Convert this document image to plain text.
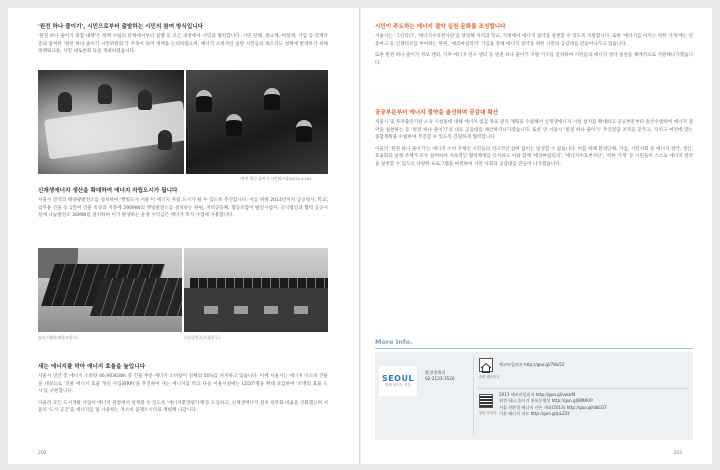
'원전 하나 줄이기', 시민으로부터 출발하는 시민의 참여 방식입니다
'원전 하나 줄이기 종합 대책'은 정책 수립의 단계에서부터 실행 등 모든 과정에서 시민과 협력합니다. 시민 단체, 종교계, 여성계, 기업 등 각계각층의 참여한 '원전 하나 줄이기 시민위원회'가 주축이 되어 정책을 논의하였으며, 에너지 소비자인 일반 시민들의 목소리도 정책에 반영하기 위해 정책워크숍, 시민 대토론회 등을 개최하였습니다.
'원전 하나 줄이기 시민워크샵(2012.4.16)'
신재생에너지 생산을 확대하여 에너지 자립도시가 됩니다
서울시 전역의 태양광발전소를 설치하여 '햇빛도시 서울'이 에너지 자립 도시가 될 수 있도록 추진합니다. 이를 위해 2014년까지 공공청사, 학교, 업무용 건물 등 1만여 건물 옥상과 지붕에 290MW의 햇빛발전소를 설치하는 한편, 지역공동체, 협동조합이 발전사업자, 공익법인과 협력 공공시설에 나눔발전소 30MW를 설치하여 이기 발생하는 운영 수익금은 에너지 복지 사업에 사용합니다.
솔라스퀘어(배종조합로)	나눔발전소(동대문구)
새는 에너지를 막아 에너지 효율을 높입니다
서울시 연간 총 에너지 소비량 46,903GWh 중 건물 부문 에너지 소비량이 전체의 56%를 차지하고 있습니다. 이에 서울시는 에너지 다소비 건물을 대상으로 '건물 에너지 효율 개선 사업(BRP)'을 추진하여 새는 에너지를 막고 다중 이용시설에는 LED조명을 확대 보급하여 '조명의 효율 도시'를 구현합니다.
아울러 모든 도시개발 사업이 에너지 관점에서 설계될 수 있도록 '에너지환경평가제'를 도입하고, 신재생에너지 설치 의무화 비율을 강화했으며 서울의 '도시 공간'을 에너지를 덜 사용하는 저소비 콤팩트시티로 재편해 나갑니다.
202
시민이 주도하는 에너지 절약 실천 문화를 조성합니다
서울시는 '그린리더', '에너지수호천사단'을 양성해 지역과 학교, 가정에서 에너지 절약을 실천할 수 있도록 지원합니다. 또한 '에너지를 아끼는 착한 가게'에는 인증마크 등 인센티브를 부여하는 한편, '에코마일리지' 가입을 통해 에너지 절약을 위한 시민의 공감대를 만들어나가고 있습니다.
또한 원전 하나 줄이기 정보 센터, 기후 에너지 연구 센터 등 원전 하나 줄이기 지원 기구를 설치하여 시민들의 에너지 절약 실천을 체계적으로 지원해나가겠습니다.
공공부문부터 에너지 절약을 솔선하며 공감대 확산
서울시 및 투자출연기관 소속 시설물에 대해 에너지 점검 목표 관리 계획을 수립해서 신재생에너지 시설 설치를 확대하고 공공부문부터 솔선수범하여 에너지 절약을 실천하는 등 '원전 하나 줄이기'의 대표 공감대를 제안하기나가겠습니다. 또한 연 서울시 '원전 하나 줄이기' 추진전담 조직을 갖추고, 자치구 여건에 맞는 종합계획을 수립하여 추진할 수 있도록 긴밀하게 협력합니다.
이울러 '원전 하나 줄이기'는 에너지 소비 주체인 시민들의 적극적인 참여 없이는 달성할 수 없습니다. 이를 위해 환경단체, 기업, 시민사회 등 에너지 절약, 생산, 효율화의 실행 주체가 모두 참여하여 지속적인 협력체계를 유지하고 이와 함께 '에코마일리지', '에너지수호천사단', '착한 가게' 등 시민들이 스스로 에너지 절약을 실천할 수 있도록 다양한 프로그램을 마련하여 시민 사회의 공감대를 만들어 나가겠습니다.
More Info.
SEOUL
함께 만드는 서울
환경정책과
02-2133-3526	관련 웹사이트
에코마일리지 http://goo.gl/7Ws52
관련 동영상
2011 에코마일리지 http://goo.gl/vwxrN
원전 하나 줄이기 홍보동영상 http://goo.gl/BMAUP
서울 친환경 에너지 가든 개회(2013) http://goo.gl/dbEGT
기후 에너지 지도 http://goo.gl/pLZ3Y
203
